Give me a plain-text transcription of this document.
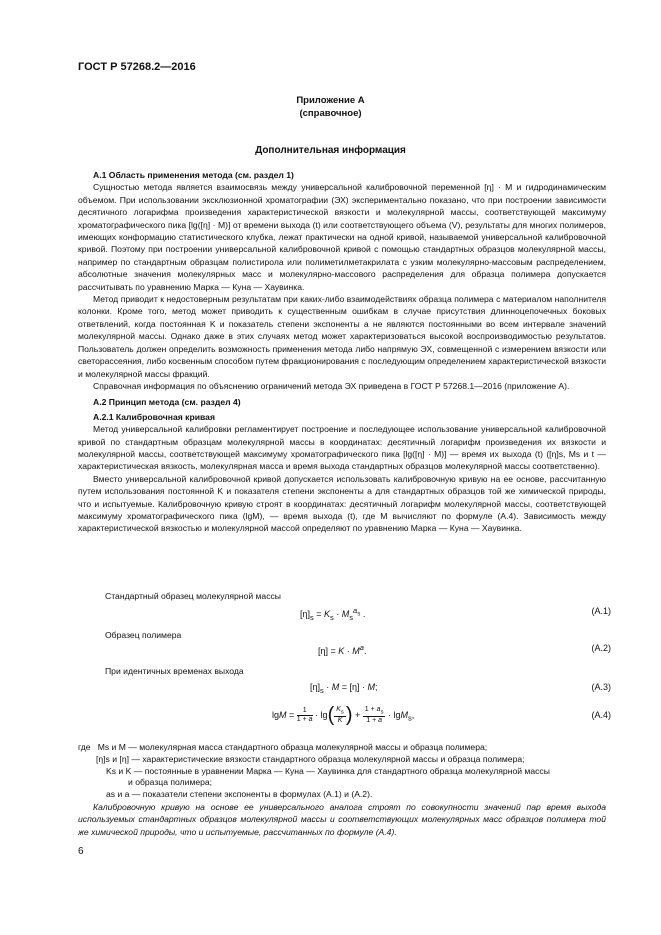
ГОСТ Р 57268.2—2016
Приложение А
(справочное)
Дополнительная информация
А.1 Область применения метода (см. раздел 1)

Сущностью метода является взаимосвязь между универсальной калибровочной переменной [η] · M и гидродинамическим объемом. При использовании эксклюзионной хроматографии (ЭХ) экспериментально показано, что при построении зависимости десятичного логарифма произведения характеристической вязкости и молекулярной массы, соответствующей максимуму хроматографического пика [lg([η] · M)] от времени выхода (t) или соответствующего объема (V), результаты для многих полимеров, имеющих конформацию статистического клубка, лежат практически на одной кривой, называемой универсальной калибровочной кривой. Поэтому при построении универсальной калибровочной кривой с помощью стандартных образцов молекулярной массы, например по стандартным образцам полистирола или полиметилметакрилата с узким молекулярно-массовым распределением, абсолютные значения молекулярных масс и молекулярно-массового распределения для образца полимера допускается рассчитывать по уравнению Марка — Куна — Хаувинка.

Метод приводит к недостоверным результатам при каких-либо взаимодействиях образца полимера с материалом наполнителя колонки. Кроме того, метод может приводить к существенным ошибкам в случае присутствия длинноцепочечных боковых ответвлений, когда постоянная K и показатель степени экспоненты a не являются постоянными во всем интервале значений молекулярной массы. Однако даже в этих случаях метод может характеризоваться высокой воспроизводимостью результатов. Пользователь должен определить возможность применения метода либо напрямую ЭХ, совмещенной с измерением вязкости или светорассеяния, либо косвенным способом путем фракционирования с последующим определением характеристической вязкости и молекулярной массы фракций.

Справочная информация по объяснению ограничений метода ЭХ приведена в ГОСТ Р 57268.1—2016 (приложение А).

А.2 Принцип метода (см. раздел 4)
А.2.1 Калибровочная кривая

Метод универсальной калибровки регламентирует построение и последующее использование универсальной калибровочной кривой по стандартным образцам молекулярной массы в координатах: десятичный логарифм произведения их вязкости и молекулярной массы, соответствующей максимуму хроматографического пика [lg([η] · M)] — время их выхода (t) ([η]s, Ms и t — характеристическая вязкость, молекулярная масса и время выхода стандартных образцов молекулярной массы соответственно).

Вместо универсальной калибровочной кривой допускается использовать калибровочную кривую на ее основе, рассчитанную путем использования постоянной K и показателя степени экспоненты a для стандартных образцов той же химической природы, что и испытуемые. Калибровочную кривую строят в координатах: десятичный логарифм молекулярной массы, соответствующей максимуму хроматографического пика (lgM), — время выхода (t), где M вычисляют по формуле (А.4). Зависимость между характеристической вязкостью и молекулярной массой определяют по уравнению Марка — Куна — Хаувинка.

Стандартный образец молекулярной массы
$[\eta]_s = K_s \cdot M_s^{a_s}$ .	(А.1)
Образец полимера
$[\eta] = K \cdot M^a$.	(А.2)
При идентичных временах выхода
$[\eta]_s \cdot M = [\eta] \cdot M$;	(А.3)
$\lg M = \frac{1}{1 + a} \cdot \lg( \frac{K_s}{K}$ ) + $\frac{1 + a_s}{1 + a} \cdot \lg M_s$,	(А.4)
где Ms и M — молекулярная масса стандартного образца молекулярной массы и образца полимера;
[η]s и [η] — характеристические вязкости стандартного образца молекулярной массы и образца полимера;
Ks и K — постоянные в уравнении Марка — Куна — Хаувинка для стандартного образца молекулярной массы
и образца полимера;
as и a — показатели степени экспоненты в формулах (А.1) и (А.2).
Калибровочную кривую на основе ее универсального аналога строят по совокупности значений пар время выхода используемых стандартных образцов молекулярной массы и соответствующих молекулярных масс образцов полимера той же химической природы, что и испытуемые, рассчитанных по формуле (А.4).
6
